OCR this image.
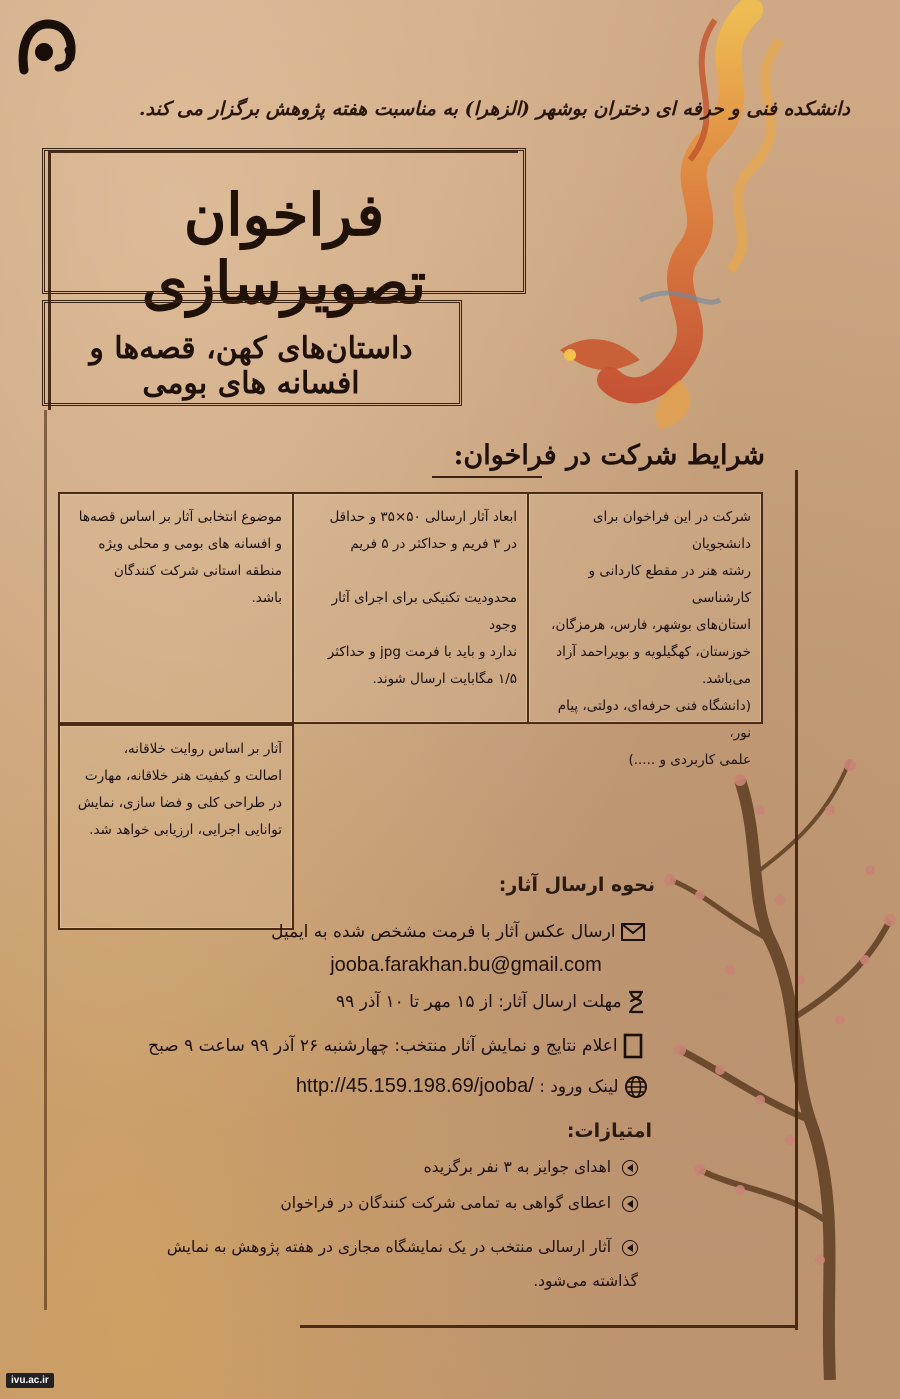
دانشکده فنی و حرفه ای دختران بوشهر (الزهرا) به مناسبت هفته پژوهش برگزار می کند.
فراخوان تصویرسازی
داستان‌های کهن، قصه‌ها و افسانه های بومی
شرایط شرکت در فراخوان:

شرکت در این فراخوان برای دانشجویان

رشته هنر در مقطع کاردانی و کارشناسی

استان‌های بوشهر، فارس، هرمزگان،

خوزستان، کهگیلویه و بویراحمد آزاد

می‌باشد.

(دانشگاه فنی حرفه‌ای، دولتی، پیام نور،

علمی کاربردی و .....)

ابعاد آثار ارسالی ۵۰×۳۵ و حداقل

در ۳ فریم و حداکثر در ۵ فریم

محدودیت تکنیکی برای اجرای آثار وجود

ندارد و باید با فرمت jpg و حداکثر

۱/۵ مگابایت ارسال شوند.

موضوع انتخابی آثار بر اساس قصه‌ها

و افسانه های بومی و محلی ویژه

منطقه استانی شرکت کنندگان

باشد.

آثار بر اساس روایت خلاقانه،

اصالت و کیفیت هنر خلاقانه، مهارت

در طراحی کلی و فضا سازی، نمایش

توانایی اجرایی، ارزیابی خواهد شد.

نحوه ارسال آثار:
ارسال عکس آثار با فرمت مشخص شده به ایمیل
jooba.farakhan.bu@gmail.com
مهلت ارسال آثار: از ۱۵ مهر تا ۱۰ آذر ۹۹
اعلام نتایج و نمایش آثار منتخب: چهارشنبه ۲۶ آذر ۹۹ ساعت ۹ صبح
لینک ورود : http://45.159.198.69/jooba/
امتیازات:
اهدای جوایز به ۳ نفر برگزیده
اعطای گواهی به تمامی شرکت کنندگان در فراخوان
آثار ارسالی منتخب در یک نمایشگاه مجازی در هفته پژوهش به نمایش گذاشته می‌شود.
ivu.ac.ir
